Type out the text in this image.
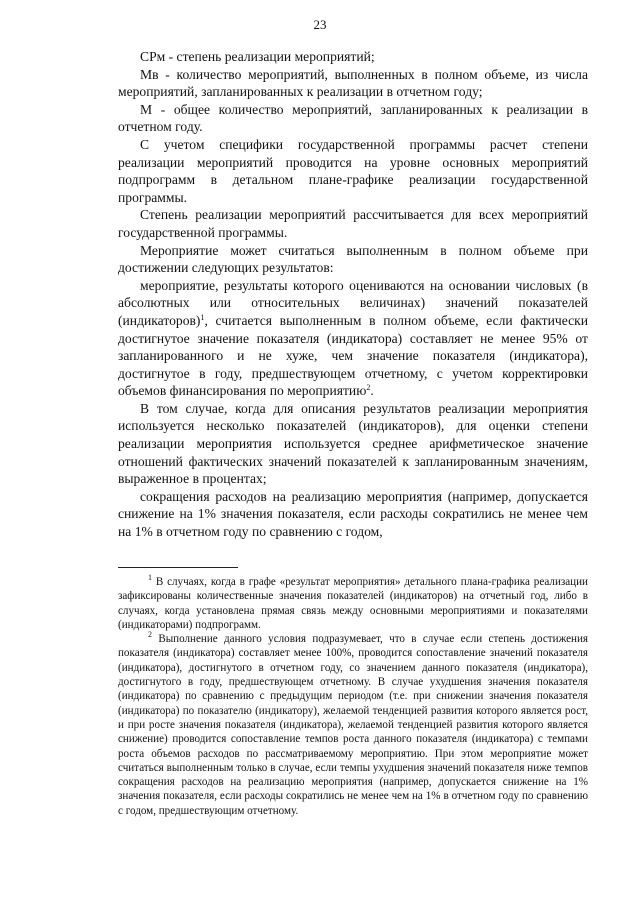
23

СРм - степень реализации мероприятий;

Мв - количество мероприятий, выполненных в полном объеме, из числа мероприятий, запланированных к реализации в отчетном году;

М - общее количество мероприятий, запланированных к реализации в отчетном году.

С учетом специфики государственной программы расчет степени реализации мероприятий проводится на уровне основных мероприятий подпрограмм в детальном плане-графике реализации государственной программы.

Степень реализации мероприятий рассчитывается для всех мероприятий государственной программы.

Мероприятие может считаться выполненным в полном объеме при достижении следующих результатов:

мероприятие, результаты которого оцениваются на основании числовых (в абсолютных или относительных величинах) значений показателей (индикаторов)$^1$, считается выполненным в полном объеме, если фактически достигнутое значение показателя (индикатора) составляет не менее 95% от запланированного и не хуже, чем значение показателя (индикатора), достигнутое в году, предшествующем отчетному, с учетом корректировки объемов финансирования по мероприятию$^2$.

В том случае, когда для описания результатов реализации мероприятия используется несколько показателей (индикаторов), для оценки степени реализации мероприятия используется среднее арифметическое значение отношений фактических значений показателей к запланированным значениям, выраженное в процентах;

сокращения расходов на реализацию мероприятия (например, допускается снижение на 1% значения показателя, если расходы сократились не менее чем на 1% в отчетном году по сравнению с годом,

$^1$ В случаях, когда в графе «результат мероприятия» детального плана-графика реализации зафиксированы количественные значения показателей (индикаторов) на отчетный год, либо в случаях, когда установлена прямая связь между основными мероприятиями и показателями (индикаторами) подпрограмм.

$^2$ Выполнение данного условия подразумевает, что в случае если степень достижения показателя (индикатора) составляет менее 100%, проводится сопоставление значений показателя (индикатора), достигнутого в отчетном году, со значением данного показателя (индикатора), достигнутого в году, предшествующем отчетному. В случае ухудшения значения показателя (индикатора) по сравнению с предыдущим периодом (т.е. при снижении значения показателя (индикатора) по показателю (индикатору), желаемой тенденцией развития которого является рост, и при росте значения показателя (индикатора), желаемой тенденцией развития которого является снижение) проводится сопоставление темпов роста данного показателя (индикатора) с темпами роста объемов расходов по рассматриваемому мероприятию. При этом мероприятие может считаться выполненным только в случае, если темпы ухудшения значений показателя ниже темпов сокращения расходов на реализацию мероприятия (например, допускается снижение на 1% значения показателя, если расходы сократились не менее чем на 1% в отчетном году по сравнению с годом, предшествующим отчетному.
